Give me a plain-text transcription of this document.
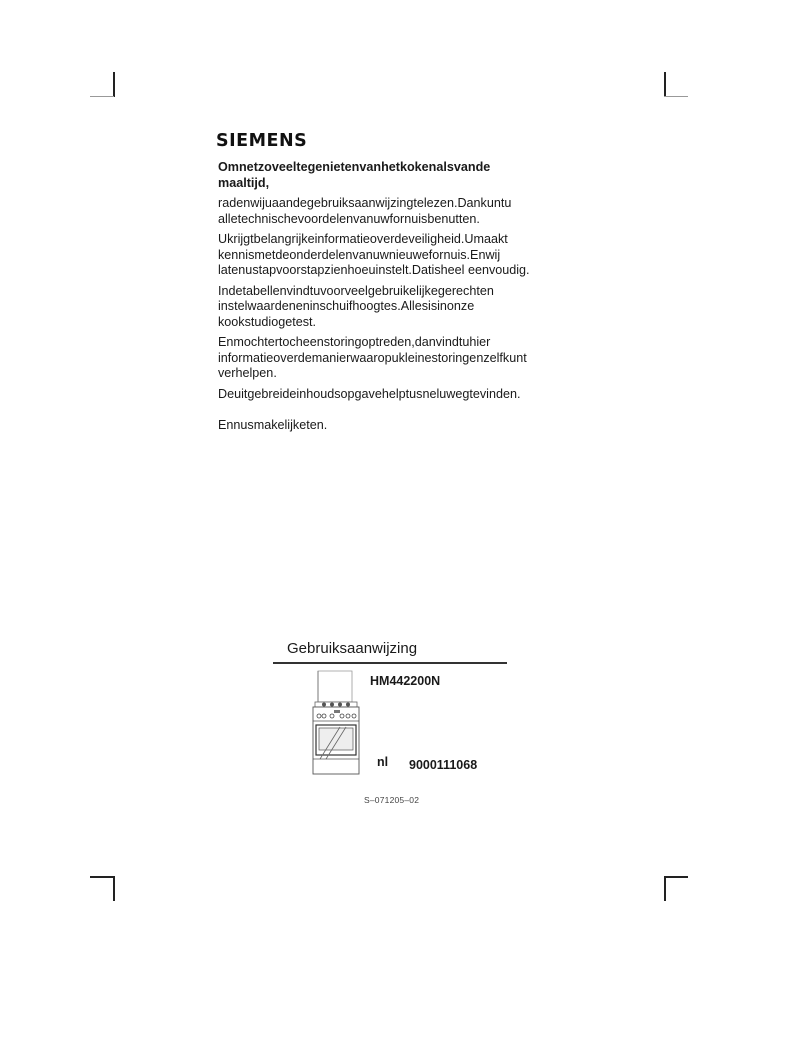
SIEMENS

Omnetzoveeltegenietenvanhetkokenalsvande maaltijd,

radenwijuaandegebruiksaanwijzingtelezen.Dankuntu alletechnischevoordelenvanuwfornuisbenutten.

Ukrijgtbelangrijkeinformatieoverdeveiligheid.Umaakt kennismetdeonderdelenvanuwnieuwefornuis.Enwij latenustapvoorstapzienhoeuinstelt.Datisheel eenvoudig.

Indetabellenvindtuvoorveelgebruikelijkegerechten instelwaardeneninschuifhoogtes.Allesisinonze kookstudiogetest.

Enmochtertocheenstoringoptreden,danvindtuhier informatieoverdemanierwaaropukleinestoringenzelfkunt verhelpen.

Deuitgebreideinhoudsopgavehelptusneluwegtevinden.

Ennusmakelijketen.

Gebruiksaanwijzing
HM442200N
nl 9000111068
S–071205–02
